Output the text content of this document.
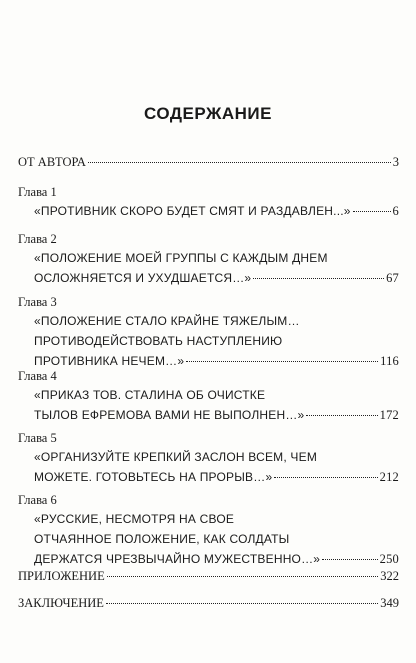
СОДЕРЖАНИЕ
ОТ АВТОРА	3
Глава 1
«ПРОТИВНИК СКОРО БУДЕТ СМЯТ И РАЗДАВЛЕН...»	6
Глава 2
«ПОЛОЖЕНИЕ МОЕЙ ГРУППЫ С КАЖДЫМ ДНЕМ
ОСЛОЖНЯЕТСЯ И УХУДШАЕТСЯ…»	67
Глава 3
«ПОЛОЖЕНИЕ СТАЛО КРАЙНЕ ТЯЖЕЛЫМ…
ПРОТИВОДЕЙСТВОВАТЬ НАСТУПЛЕНИЮ
ПРОТИВНИКА НЕЧЕМ…»	116
Глава 4
«ПРИКАЗ ТОВ. СТАЛИНА ОБ ОЧИСТКЕ
ТЫЛОВ ЕФРЕМОВА ВАМИ НЕ ВЫПОЛНЕН…»	172
Глава 5
«ОРГАНИЗУЙТЕ КРЕПКИЙ ЗАСЛОН ВСЕМ, ЧЕМ
МОЖЕТЕ. ГОТОВЬТЕСЬ НА ПРОРЫВ…»	212
Глава 6
«РУССКИЕ, НЕСМОТРЯ НА СВОЕ
ОТЧАЯННОЕ ПОЛОЖЕНИЕ, КАК СОЛДАТЫ
ДЕРЖАТСЯ ЧРЕЗВЫЧАЙНО МУЖЕСТВЕННО…»	250
ПРИЛОЖЕНИЕ	322
ЗАКЛЮЧЕНИЕ	349
